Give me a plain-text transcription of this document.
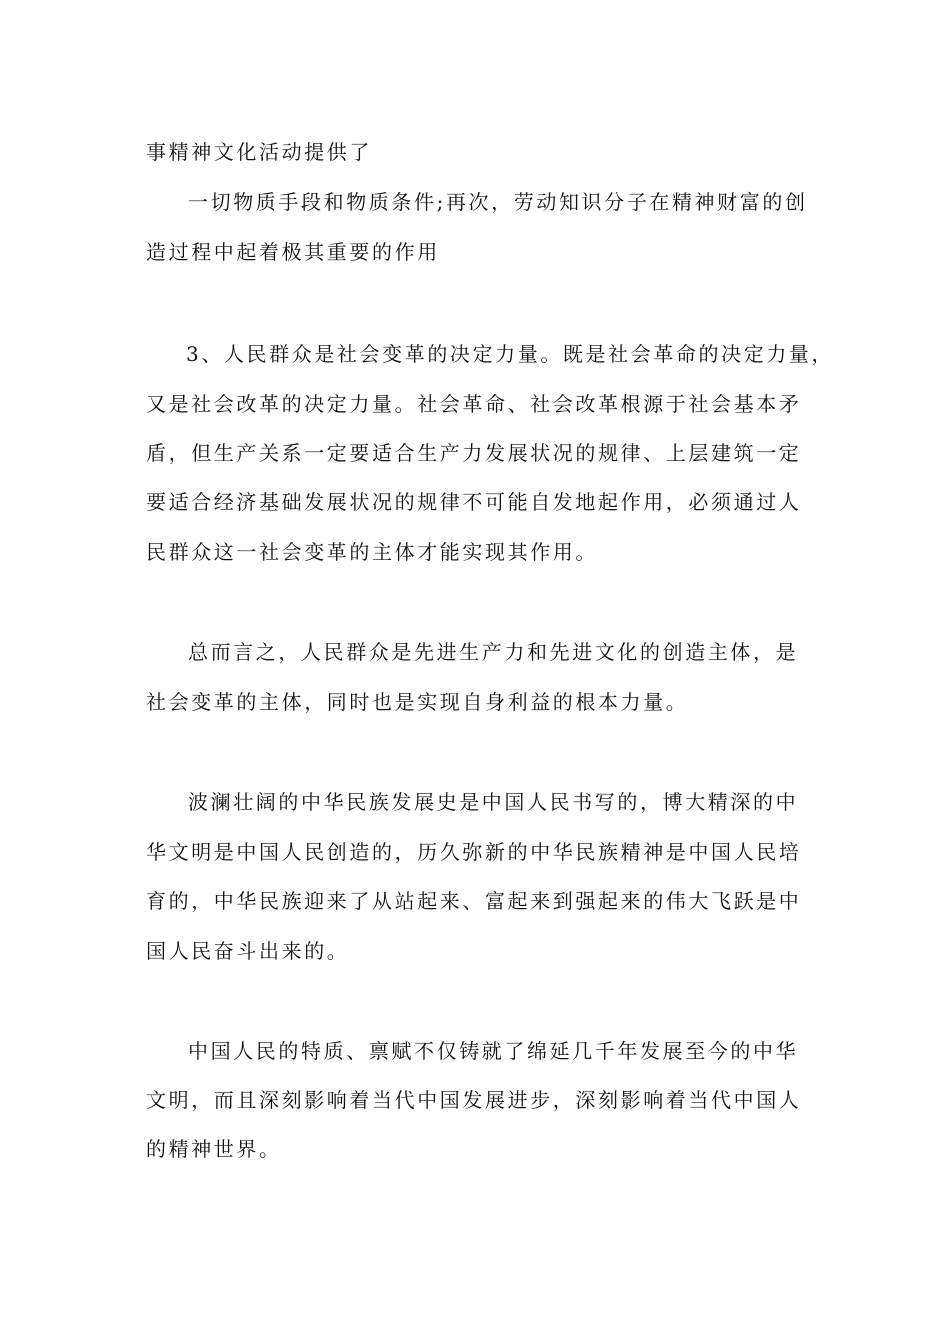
事精神文化活动提供了
一切物质手段和物质条件;再次，劳动知识分子在精神财富的创
造过程中起着极其重要的作用
3、人民群众是社会变革的决定力量。既是社会革命的决定力量，
又是社会改革的决定力量。社会革命、社会改革根源于社会基本矛
盾，但生产关系一定要适合生产力发展状况的规律、上层建筑一定
要适合经济基础发展状况的规律不可能自发地起作用，必须通过人
民群众这一社会变革的主体才能实现其作用。
总而言之，人民群众是先进生产力和先进文化的创造主体，是
社会变革的主体，同时也是实现自身利益的根本力量。
波澜壮阔的中华民族发展史是中国人民书写的，博大精深的中
华文明是中国人民创造的，历久弥新的中华民族精神是中国人民培
育的，中华民族迎来了从站起来、富起来到强起来的伟大飞跃是中
国人民奋斗出来的。
中国人民的特质、禀赋不仅铸就了绵延几千年发展至今的中华
文明，而且深刻影响着当代中国发展进步，深刻影响着当代中国人
的精神世界。
